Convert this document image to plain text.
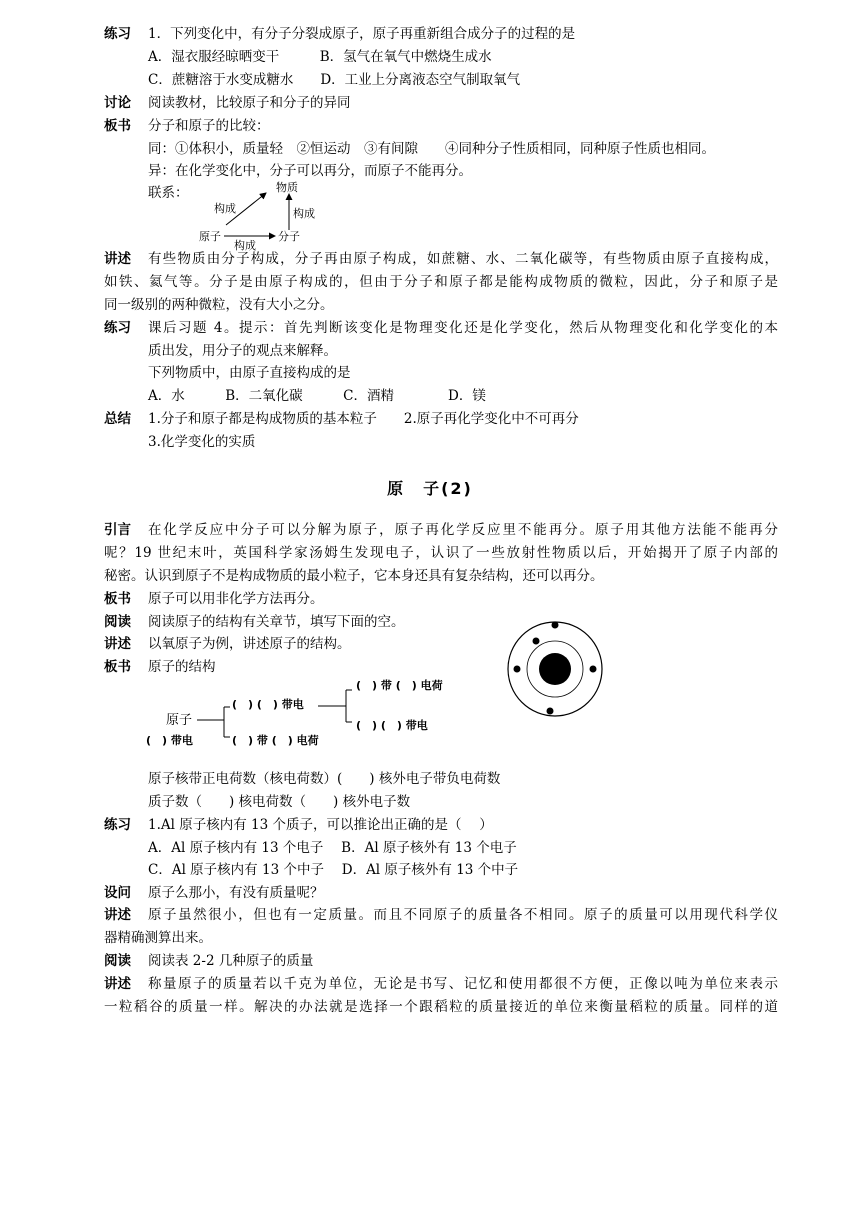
练习 1．下列变化中，有分子分裂成原子，原子再重新组合成分子的过程的是
A．湿衣服经晾晒变干　　　B．氢气在氧气中燃烧生成水
C．蔗糖溶于水变成糖水　　D．工业上分离液态空气制取氧气
讨论 阅读教材，比较原子和分子的异同
板书 分子和原子的比较：
同：①体积小，质量轻　②恒运动　③有间隙　　④同种分子性质相同，同种原子性质也相同。
异：在化学变化中，分子可以再分，而原子不能再分。
联系：	物质
构成	构成
原子
构成
分子
讲述 有些物质由分子构成，分子再由原子构成，如蔗糖、水、二氧化碳等，有些物质由原子直接构成，
如铁、氦气等。分子是由原子构成的，但由于分子和原子都是能构成物质的微粒，因此，分子和原子是
同一级别的两种微粒，没有大小之分。
练习 课后习题 4。提示：首先判断该变化是物理变化还是化学变化，然后从物理变化和化学变化的本
质出发，用分子的观点来解释。
下列物质中，由原子直接构成的是
A．水　　　B．二氧化碳　　　C．酒精　　　　D．镁
总结 1.分子和原子都是构成物质的基本粒子　　2.原子再化学变化中不可再分
3.化学变化的实质
原　子(2)
引言 在化学反应中分子可以分解为原子，原子再化学反应里不能再分。原子用其他方法能不能再分
呢？19 世纪末叶，英国科学家汤姆生发现电子，认识了一些放射性物质以后，开始揭开了原子内部的
秘密。认识到原子不是构成物质的最小粒子，它本身还具有复杂结构，还可以再分。
板书 原子可以用非化学方法再分。
阅读 阅读原子的结构有关章节，填写下面的空。
讲述 以氧原子为例，讲述原子的结构。
板书 原子的结构
原子
(　) 带电
(　) (　) 带电
(　) 带 (　) 电荷
(　) (　) 带电
(　) 带 (　) 电荷
原子核带正电荷数（核电荷数）(　　) 核外电子带负电荷数
质子数（　　) 核电荷数（　　) 核外电子数
练习 1.Al 原子核内有 13 个质子，可以推论出正确的是（　 ）
A．Al 原子核内有 13 个电子　 B．Al 原子核外有 13 个电子
C．Al 原子核内有 13 个中子　 D．Al 原子核外有 13 个中子
设问 原子么那小，有没有质量呢？
讲述 原子虽然很小，但也有一定质量。而且不同原子的质量各不相同。原子的质量可以用现代科学仪
器精确测算出来。
阅读 阅读表 2-2 几种原子的质量
讲述 称量原子的质量若以千克为单位，无论是书写、记忆和使用都很不方便，正像以吨为单位来表示
一粒稻谷的质量一样。解决的办法就是选择一个跟稻粒的质量接近的单位来衡量稻粒的质量。同样的道
